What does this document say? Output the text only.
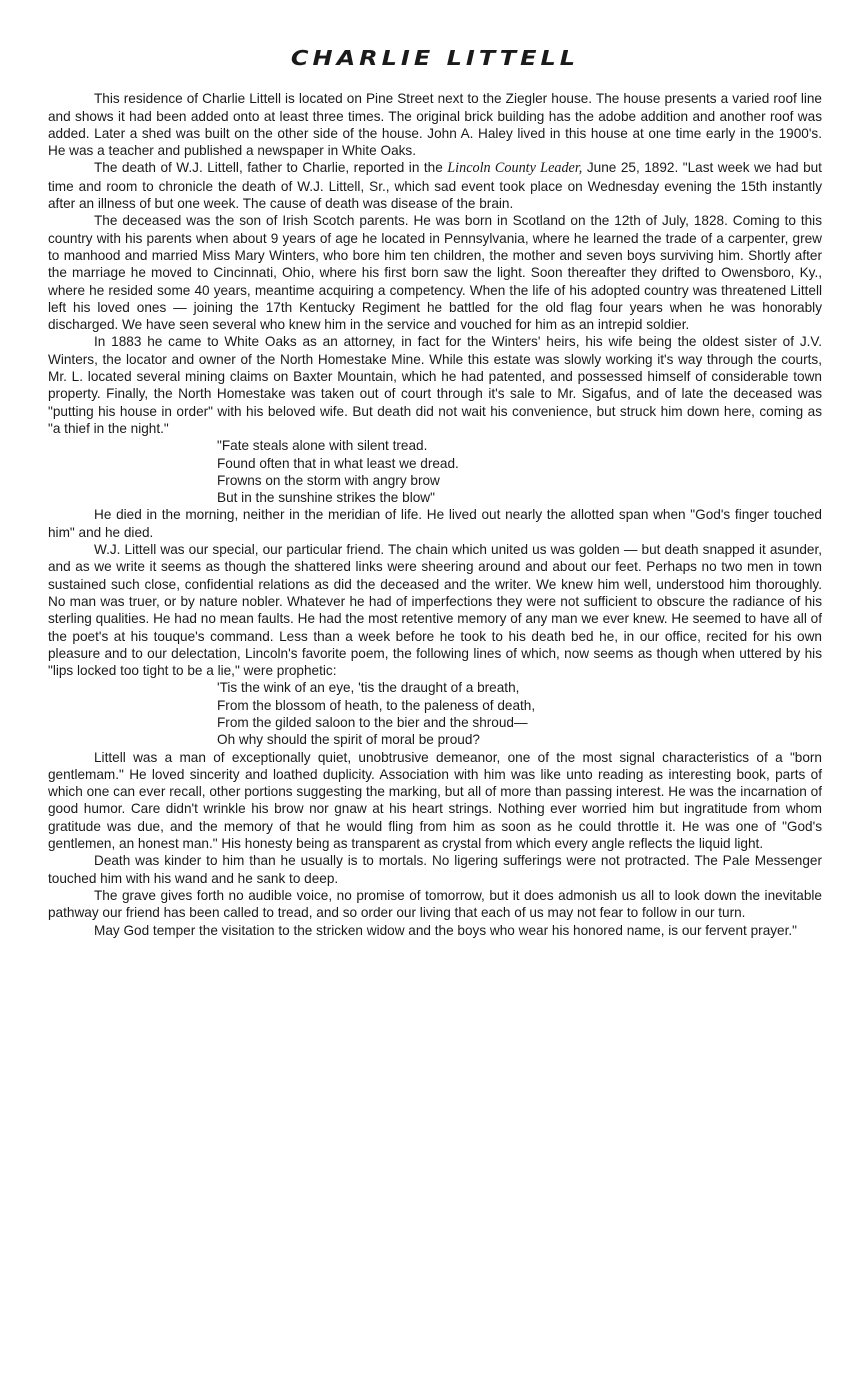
CHARLIE LITTELL

This residence of Charlie Littell is located on Pine Street next to the Ziegler house. The house presents a varied roof line and shows it had been added onto at least three times. The original brick building has the adobe addition and another roof was added. Later a shed was built on the other side of the house. John A. Haley lived in this house at one time early in the 1900's. He was a teacher and published a newspaper in White Oaks.

The death of W.J. Littell, father to Charlie, reported in the Lincoln County Leader, June 25, 1892. "Last week we had but time and room to chronicle the death of W.J. Littell, Sr., which sad event took place on Wednesday evening the 15th instantly after an illness of but one week. The cause of death was disease of the brain.

The deceased was the son of Irish Scotch parents. He was born in Scotland on the 12th of July, 1828. Coming to this country with his parents when about 9 years of age he located in Pennsylvania, where he learned the trade of a carpenter, grew to manhood and married Miss Mary Winters, who bore him ten children, the mother and seven boys surviving him. Shortly after the marriage he moved to Cincinnati, Ohio, where his first born saw the light. Soon thereafter they drifted to Owensboro, Ky., where he resided some 40 years, meantime acquiring a competency. When the life of his adopted country was threatened Littell left his loved ones — joining the 17th Kentucky Regiment he battled for the old flag four years when he was honorably discharged. We have seen several who knew him in the service and vouched for him as an intrepid soldier.

In 1883 he came to White Oaks as an attorney, in fact for the Winters' heirs, his wife being the oldest sister of J.V. Winters, the locator and owner of the North Homestake Mine. While this estate was slowly working it's way through the courts, Mr. L. located several mining claims on Baxter Mountain, which he had patented, and possessed himself of considerable town property. Finally, the North Homestake was taken out of court through it's sale to Mr. Sigafus, and of late the deceased was "putting his house in order" with his beloved wife. But death did not wait his convenience, but struck him down here, coming as "a thief in the night."

"Fate steals alone with silent tread.
Found often that in what least we dread.
Frowns on the storm with angry brow
But in the sunshine strikes the blow"

He died in the morning, neither in the meridian of life. He lived out nearly the allotted span when "God's finger touched him" and he died.

W.J. Littell was our special, our particular friend. The chain which united us was golden — but death snapped it asunder, and as we write it seems as though the shattered links were sheering around and about our feet. Perhaps no two men in town sustained such close, confidential relations as did the deceased and the writer. We knew him well, understood him thoroughly. No man was truer, or by nature nobler. Whatever he had of imperfections they were not sufficient to obscure the radiance of his sterling qualities. He had no mean faults. He had the most retentive memory of any man we ever knew. He seemed to have all of the poet's at his touque's command. Less than a week before he took to his death bed he, in our office, recited for his own pleasure and to our delectation, Lincoln's favorite poem, the following lines of which, now seems as though when uttered by his "lips locked too tight to be a lie," were prophetic:

'Tis the wink of an eye, 'tis the draught of a breath,
From the blossom of heath, to the paleness of death,
From the gilded saloon to the bier and the shroud—
Oh why should the spirit of moral be proud?

Littell was a man of exceptionally quiet, unobtrusive demeanor, one of the most signal characteristics of a "born gentlemam." He loved sincerity and loathed duplicity. Association with him was like unto reading as interesting book, parts of which one can ever recall, other portions suggesting the marking, but all of more than passing interest. He was the incarnation of good humor. Care didn't wrinkle his brow nor gnaw at his heart strings. Nothing ever worried him but ingratitude from whom gratitude was due, and the memory of that he would fling from him as soon as he could throttle it. He was one of "God's gentlemen, an honest man." His honesty being as transparent as crystal from which every angle reflects the liquid light.

Death was kinder to him than he usually is to mortals. No ligering sufferings were not protracted. The Pale Messenger touched him with his wand and he sank to deep.

The grave gives forth no audible voice, no promise of tomorrow, but it does admonish us all to look down the inevitable pathway our friend has been called to tread, and so order our living that each of us may not fear to follow in our turn.

May God temper the visitation to the stricken widow and the boys who wear his honored name, is our fervent prayer."
